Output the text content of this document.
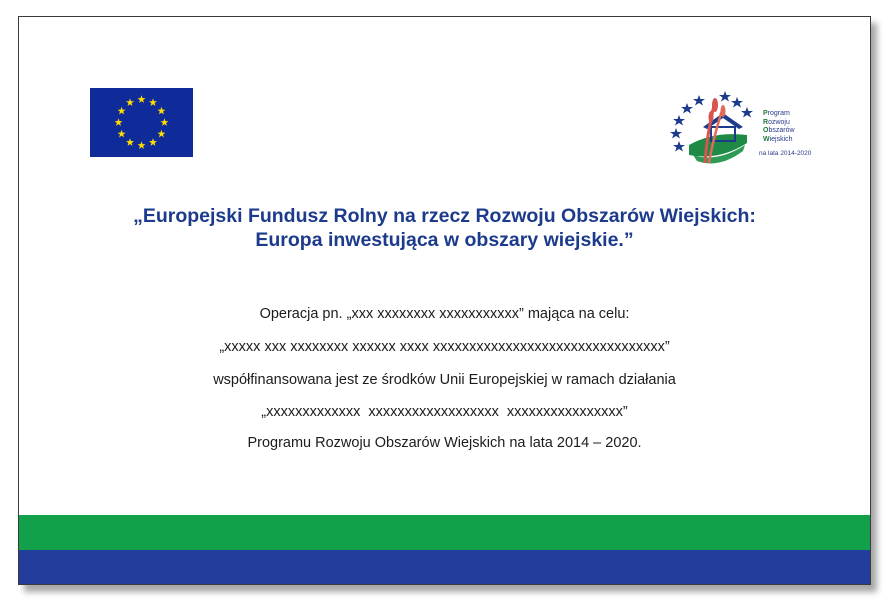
Program
Rozwoju
Obszarów
Wiejskich
na lata 2014-2020
„Europejski Fundusz Rolny na rzecz Rozwoju Obszarów Wiejskich:
Europa inwestująca w obszary wiejskie.”
Operacja pn. „xxx xxxxxxxx xxxxxxxxxxx” mająca na celu:
„xxxxx xxx xxxxxxxx xxxxxx xxxx xxxxxxxxxxxxxxxxxxxxxxxxxxxxxxxx”
współfinansowana jest ze środków Unii Europejskiej w ramach działania
„xxxxxxxxxxxxx  xxxxxxxxxxxxxxxxxx  xxxxxxxxxxxxxxxx”
Programu Rozwoju Obszarów Wiejskich na lata 2014 – 2020.
